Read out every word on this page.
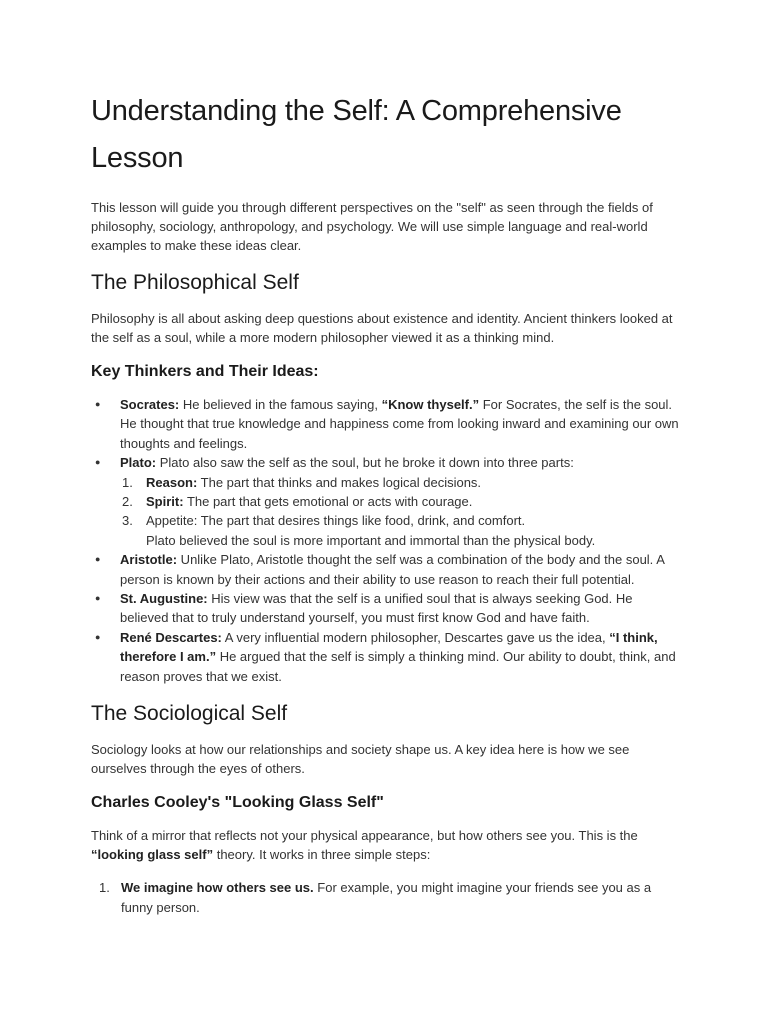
Understanding the Self: A Comprehensive Lesson

This lesson will guide you through different perspectives on the "self" as seen through the fields of philosophy, sociology, anthropology, and psychology. We will use simple language and real-world examples to make these ideas clear.

The Philosophical Self

Philosophy is all about asking deep questions about existence and identity. Ancient thinkers looked at the self as a soul, while a more modern philosopher viewed it as a thinking mind.

Key Thinkers and Their Ideas:
● Socrates: He believed in the famous saying, “Know thyself.” For Socrates, the self is the soul. He thought that true knowledge and happiness come from looking inward and examining our own thoughts and feelings.
● Plato: Plato also saw the self as the soul, but he broke it down into three parts:
1. Reason: The part that thinks and makes logical decisions.
2. Spirit: The part that gets emotional or acts with courage.
3. Appetite: The part that desires things like food, drink, and comfort.
Plato believed the soul is more important and immortal than the physical body.
● Aristotle: Unlike Plato, Aristotle thought the self was a combination of the body and the soul. A person is known by their actions and their ability to use reason to reach their full potential.
● St. Augustine: His view was that the self is a unified soul that is always seeking God. He believed that to truly understand yourself, you must first know God and have faith.
● René Descartes: A very influential modern philosopher, Descartes gave us the idea, “I think, therefore I am.” He argued that the self is simply a thinking mind. Our ability to doubt, think, and reason proves that we exist.
The Sociological Self

Sociology looks at how our relationships and society shape us. A key idea here is how we see ourselves through the eyes of others.

Charles Cooley's "Looking Glass Self"

Think of a mirror that reflects not your physical appearance, but how others see you. This is the “looking glass self” theory. It works in three simple steps:

1. We imagine how others see us. For example, you might imagine your friends see you as a funny person.
